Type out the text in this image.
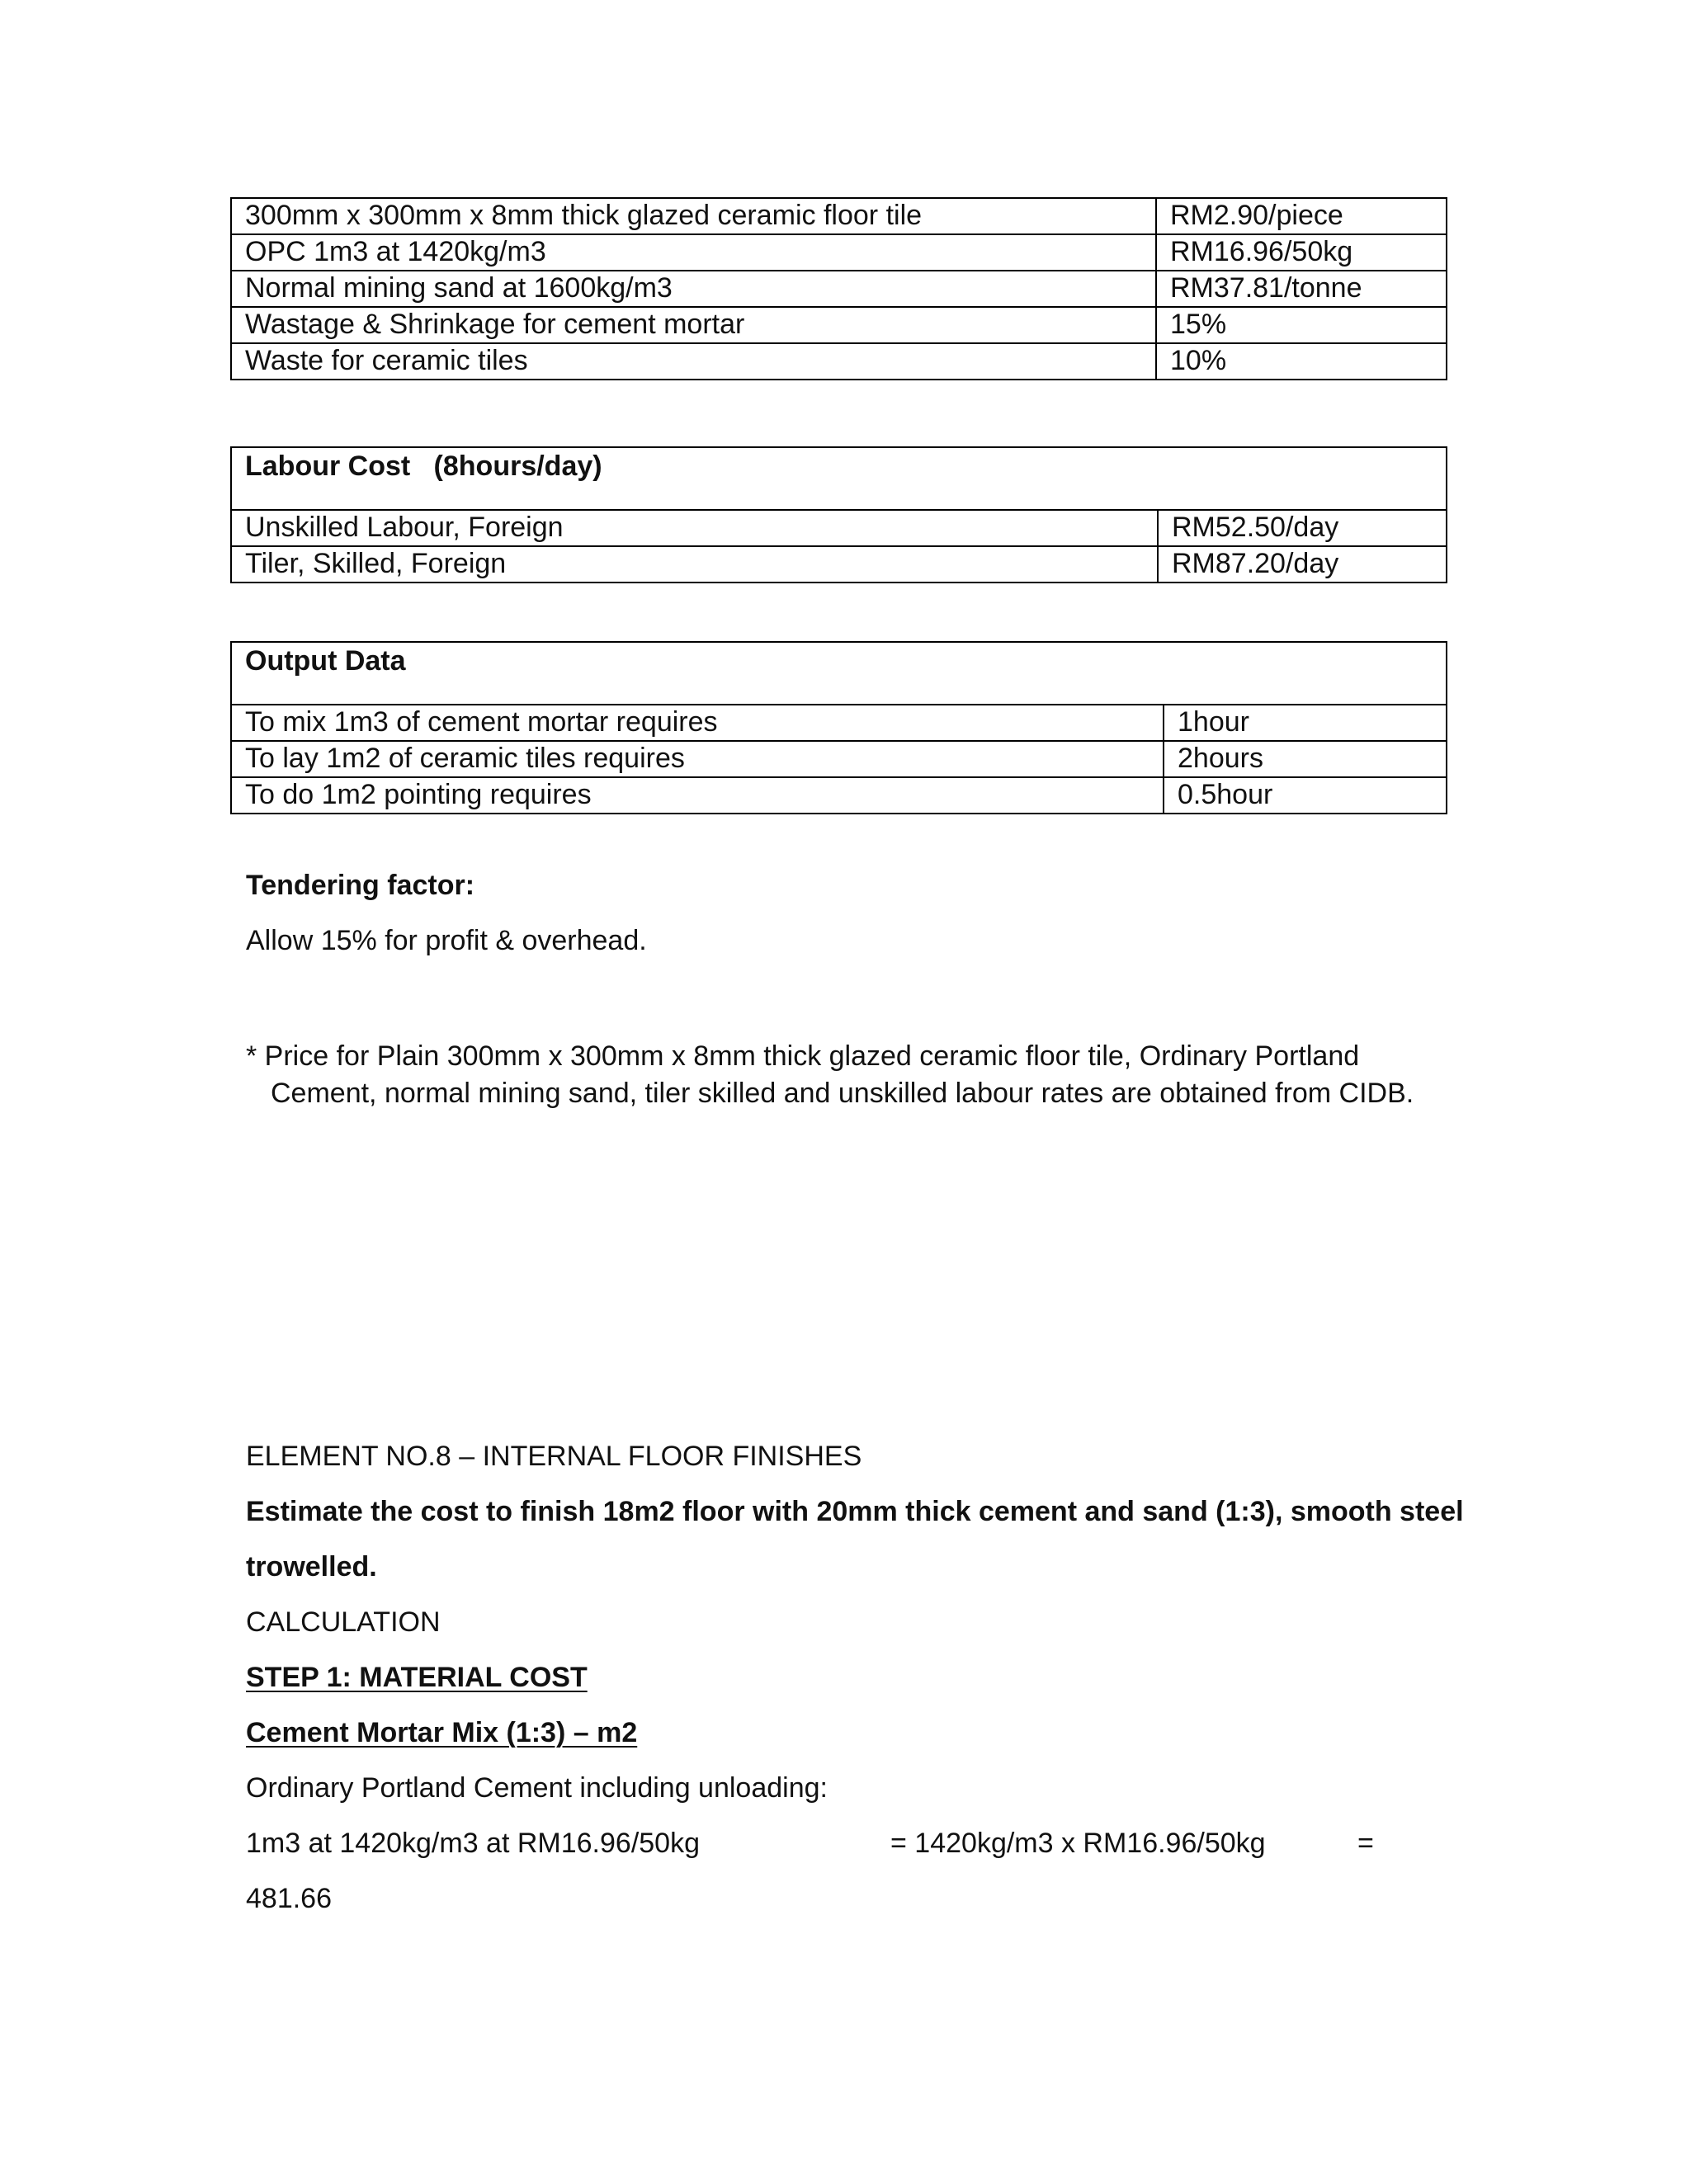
300mm x 300mm x 8mm thick glazed ceramic floor tile	RM2.90/piece
OPC 1m3 at 1420kg/m3	RM16.96/50kg
Normal mining sand at 1600kg/m3	RM37.81/tonne
Wastage & Shrinkage for cement mortar	15%
Waste for ceramic tiles	10%
Labour Cost   (8hours/day)	
Unskilled Labour, Foreign	RM52.50/day
Tiler, Skilled, Foreign	RM87.20/day
Output Data	
To mix 1m3 of cement mortar requires	1hour
To lay 1m2 of ceramic tiles requires	2hours
To do 1m2 pointing requires	0.5hour
Tendering factor:
Allow 15% for profit & overhead.
* Price for Plain 300mm x 300mm x 8mm thick glazed ceramic floor tile, Ordinary Portland
Cement, normal mining sand, tiler skilled and unskilled labour rates are obtained from CIDB.
ELEMENT NO.8 – INTERNAL FLOOR FINISHES
Estimate the cost to finish 18m2 floor with 20mm thick cement and sand (1:3), smooth steel
trowelled.
CALCULATION
STEP 1: MATERIAL COST
Cement Mortar Mix (1:3) – m2
Ordinary Portland Cement including unloading:
1m3 at 1420kg/m3 at RM16.96/50kg	= 1420kg/m3 x RM16.96/50kg	=
481.66
